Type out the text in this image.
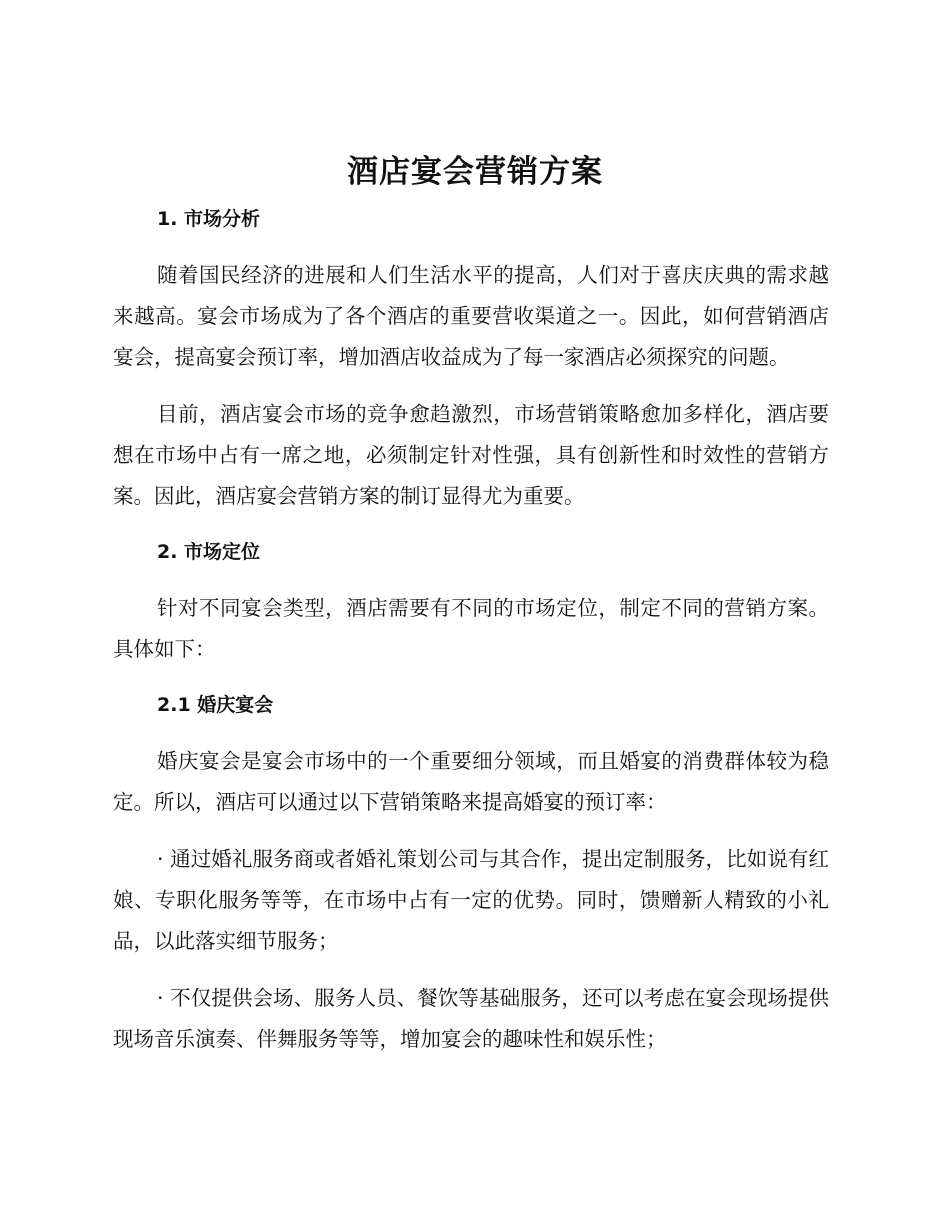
酒店宴会营销方案
1. 市场分析

随着国民经济的进展和人们生活水平的提高，人们对于喜庆庆典的需求越来越高。宴会市场成为了各个酒店的重要营收渠道之一。因此，如何营销酒店宴会，提高宴会预订率，增加酒店收益成为了每一家酒店必须探究的问题。

目前，酒店宴会市场的竞争愈趋激烈，市场营销策略愈加多样化，酒店要想在市场中占有一席之地，必须制定针对性强，具有创新性和时效性的营销方案。因此，酒店宴会营销方案的制订显得尤为重要。

2. 市场定位

针对不同宴会类型，酒店需要有不同的市场定位，制定不同的营销方案。具体如下：

2.1 婚庆宴会

婚庆宴会是宴会市场中的一个重要细分领域，而且婚宴的消费群体较为稳定。所以，酒店可以通过以下营销策略来提高婚宴的预订率：

· 通过婚礼服务商或者婚礼策划公司与其合作，提出定制服务，比如说有红娘、专职化服务等等，在市场中占有一定的优势。同时，馈赠新人精致的小礼品，以此落实细节服务；

· 不仅提供会场、服务人员、餐饮等基础服务，还可以考虑在宴会现场提供现场音乐演奏、伴舞服务等等，增加宴会的趣味性和娱乐性；
